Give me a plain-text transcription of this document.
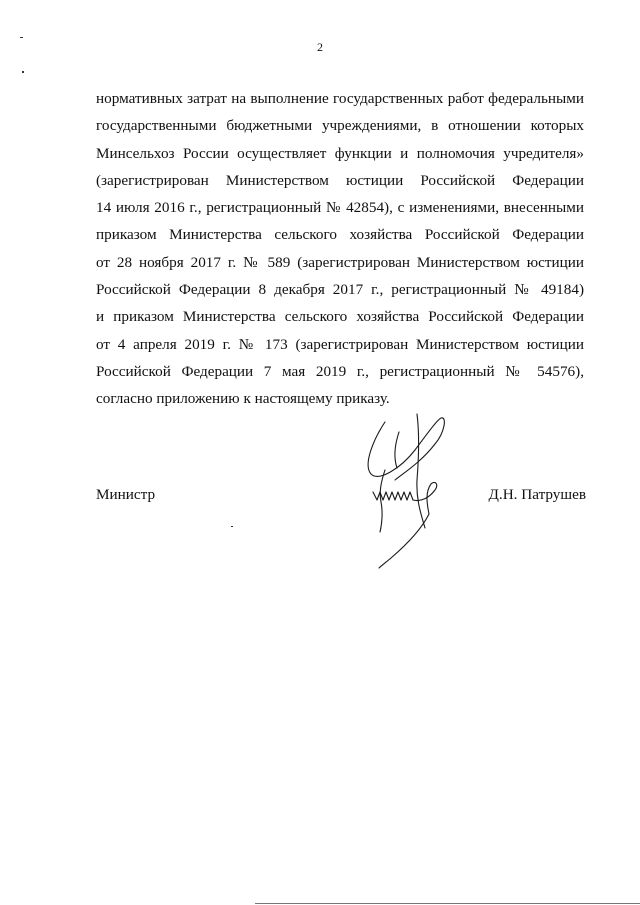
2
нормативных затрат на выполнение государственных работ федеральными
государственными бюджетными учреждениями, в отношении которых
Минсельхоз России осуществляет функции и полномочия учредителя»
(зарегистрирован Министерством юстиции Российской Федерации
14 июля 2016 г., регистрационный № 42854), с изменениями, внесенными
приказом Министерства сельского хозяйства Российской Федерации
от 28 ноября 2017 г. № 589 (зарегистрирован Министерством юстиции
Российской Федерации 8 декабря 2017 г., регистрационный № 49184)
и приказом Министерства сельского хозяйства Российской Федерации
от 4 апреля 2019 г. № 173 (зарегистрирован Министерством юстиции
Российской Федерации 7 мая 2019 г., регистрационный № 54576),
согласно приложению к настоящему приказу.
Министр	Д.Н. Патрушев
